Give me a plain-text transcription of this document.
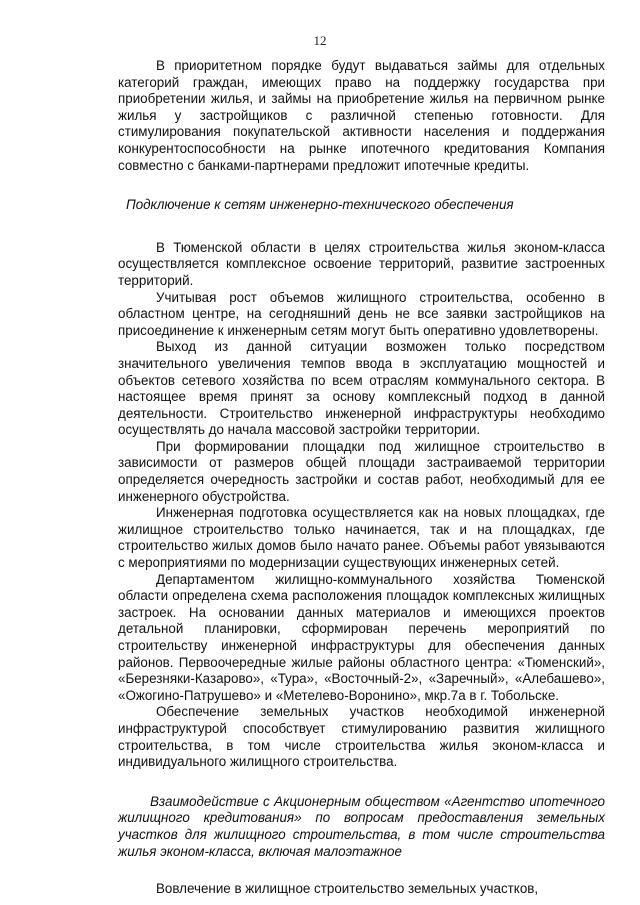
12

В приоритетном порядке будут выдаваться займы для отдельных категорий граждан, имеющих право на поддержку государства при приобретении жилья, и займы на приобретение жилья на первичном рынке жилья у застройщиков с различной степенью готовности. Для стимулирования покупательской активности населения и поддержания конкурентоспособности на рынке ипотечного кредитования Компания совместно с банками-партнерами предложит ипотечные кредиты.

Подключение к сетям инженерно-технического обеспечения

В Тюменской области в целях строительства жилья эконом-класса осуществляется комплексное освоение территорий, развитие застроенных территорий.

Учитывая рост объемов жилищного строительства, особенно в областном центре, на сегодняшний день не все заявки застройщиков на присоединение к инженерным сетям могут быть оперативно удовлетворены.

Выход из данной ситуации возможен только посредством значительного увеличения темпов ввода в эксплуатацию мощностей и объектов сетевого хозяйства по всем отраслям коммунального сектора. В настоящее время принят за основу комплексный подход в данной деятельности. Строительство инженерной инфраструктуры необходимо осуществлять до начала массовой застройки территории.

При формировании площадки под жилищное строительство в зависимости от размеров общей площади застраиваемой территории определяется очередность застройки и состав работ, необходимый для ее инженерного обустройства.

Инженерная подготовка осуществляется как на новых площадках, где жилищное строительство только начинается, так и на площадках, где строительство жилых домов было начато ранее. Объемы работ увязываются с мероприятиями по модернизации существующих инженерных сетей.

Департаментом жилищно-коммунального хозяйства Тюменской области определена схема расположения площадок комплексных жилищных застроек. На основании данных материалов и имеющихся проектов детальной планировки, сформирован перечень мероприятий по строительству инженерной инфраструктуры для обеспечения данных районов. Первоочередные жилые районы областного центра: «Тюменский», «Березняки-Казарово», «Тура», «Восточный-2», «Заречный», «Алебашево», «Ожогино-Патрушево» и «Метелево-Воронино», мкр.7а в г. Тобольске.

Обеспечение земельных участков необходимой инженерной инфраструктурой способствует стимулированию развития жилищного строительства, в том числе строительства жилья эконом-класса и индивидуального жилищного строительства.

Взаимодействие с Акционерным обществом «Агентство ипотечного жилищного кредитования» по вопросам предоставления земельных участков для жилищного строительства, в том числе строительства жилья эконом-класса, включая малоэтажное

Вовлечение в жилищное строительство земельных участков,
